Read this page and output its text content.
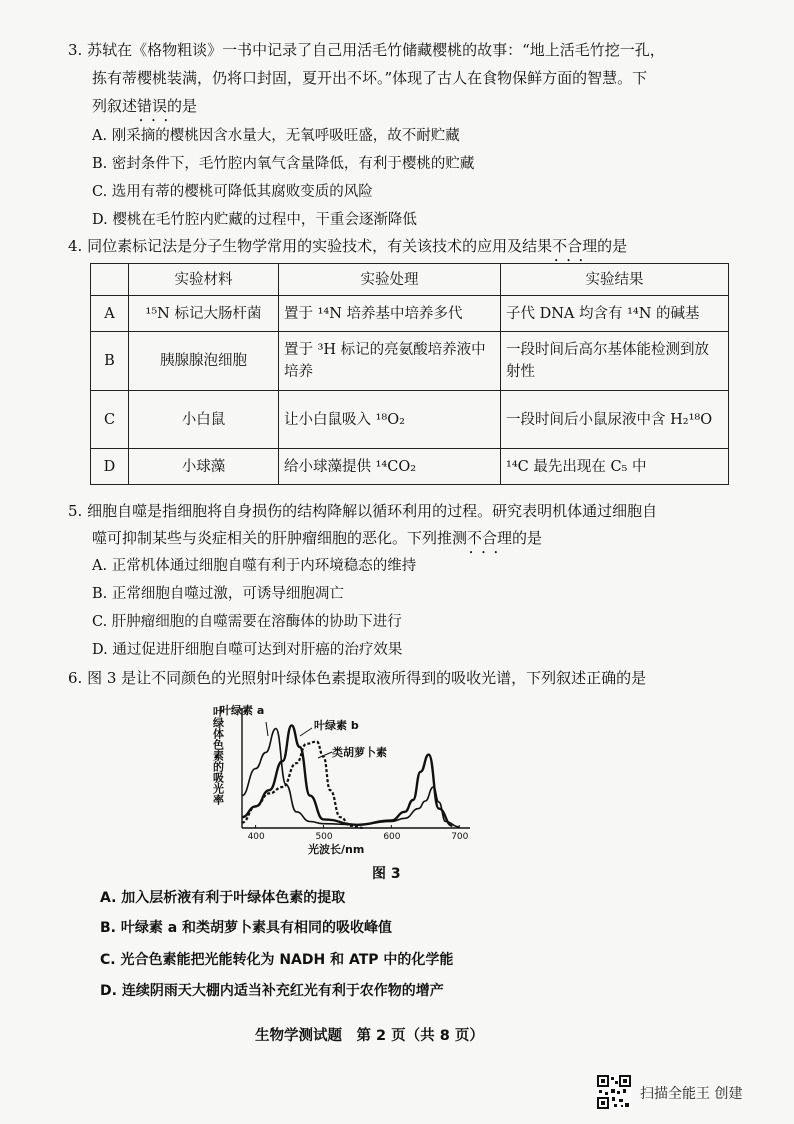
3. 苏轼在《格物粗谈》一书中记录了自己用活毛竹储藏樱桃的故事：“地上活毛竹挖一孔，
拣有蒂樱桃装满，仍将口封固，夏开出不坏。”体现了古人在食物保鲜方面的智慧。下
列叙述错误 • • •的是
A. 刚采摘的樱桃因含水量大，无氧呼吸旺盛，故不耐贮藏
B. 密封条件下，毛竹腔内氧气含量降低，有利于樱桃的贮藏
C. 选用有蒂的樱桃可降低其腐败变质的风险
D. 樱桃在毛竹腔内贮藏的过程中，干重会逐渐降低
4. 同位素标记法是分子生物学常用的实验技术，有关该技术的应用及结果不合理 • • •的是
	实验材料	实验处理	实验结果
A	¹⁵N 标记大肠杆菌	置于 ¹⁴N 培养基中培养多代	子代 DNA 均含有 ¹⁴N 的碱基
B	胰腺腺泡细胞	置于 ³H 标记的亮氨酸培养液中培养	一段时间后高尔基体能检测到放射性
C	小白鼠	让小白鼠吸入 ¹⁸O₂	一段时间后小鼠尿液中含 H₂¹⁸O
D	小球藻	给小球藻提供 ¹⁴CO₂	¹⁴C 最先出现在 C₅ 中
5. 细胞自噬是指细胞将自身损伤的结构降解以循环利用的过程。研究表明机体通过细胞自
噬可抑制某些与炎症相关的肝肿瘤细胞的恶化。下列推测不合理 • • •的是
A. 正常机体通过细胞自噬有利于内环境稳态的维持
B. 正常细胞自噬过激，可诱导细胞凋亡
C. 肝肿瘤细胞的自噬需要在溶酶体的协助下进行
D. 通过促进肝细胞自噬可达到对肝癌的治疗效果
6. 图 3 是让不同颜色的光照射叶绿体色素提取液所得到的吸收光谱，下列叙述正确的是
叶绿体色素的吸光率
叶绿素 a
叶绿素 b
类胡萝卜素
光波长/nm
400	500	600	700
图 3
A. 加入层析液有利于叶绿体色素的提取
B. 叶绿素 a 和类胡萝卜素具有相同的吸收峰值
C. 光合色素能把光能转化为 NADH 和 ATP 中的化学能
D. 连续阴雨天大棚内适当补充红光有利于农作物的增产
生物学测试题　第 2 页（共 8 页）
扫描全能王 创建
